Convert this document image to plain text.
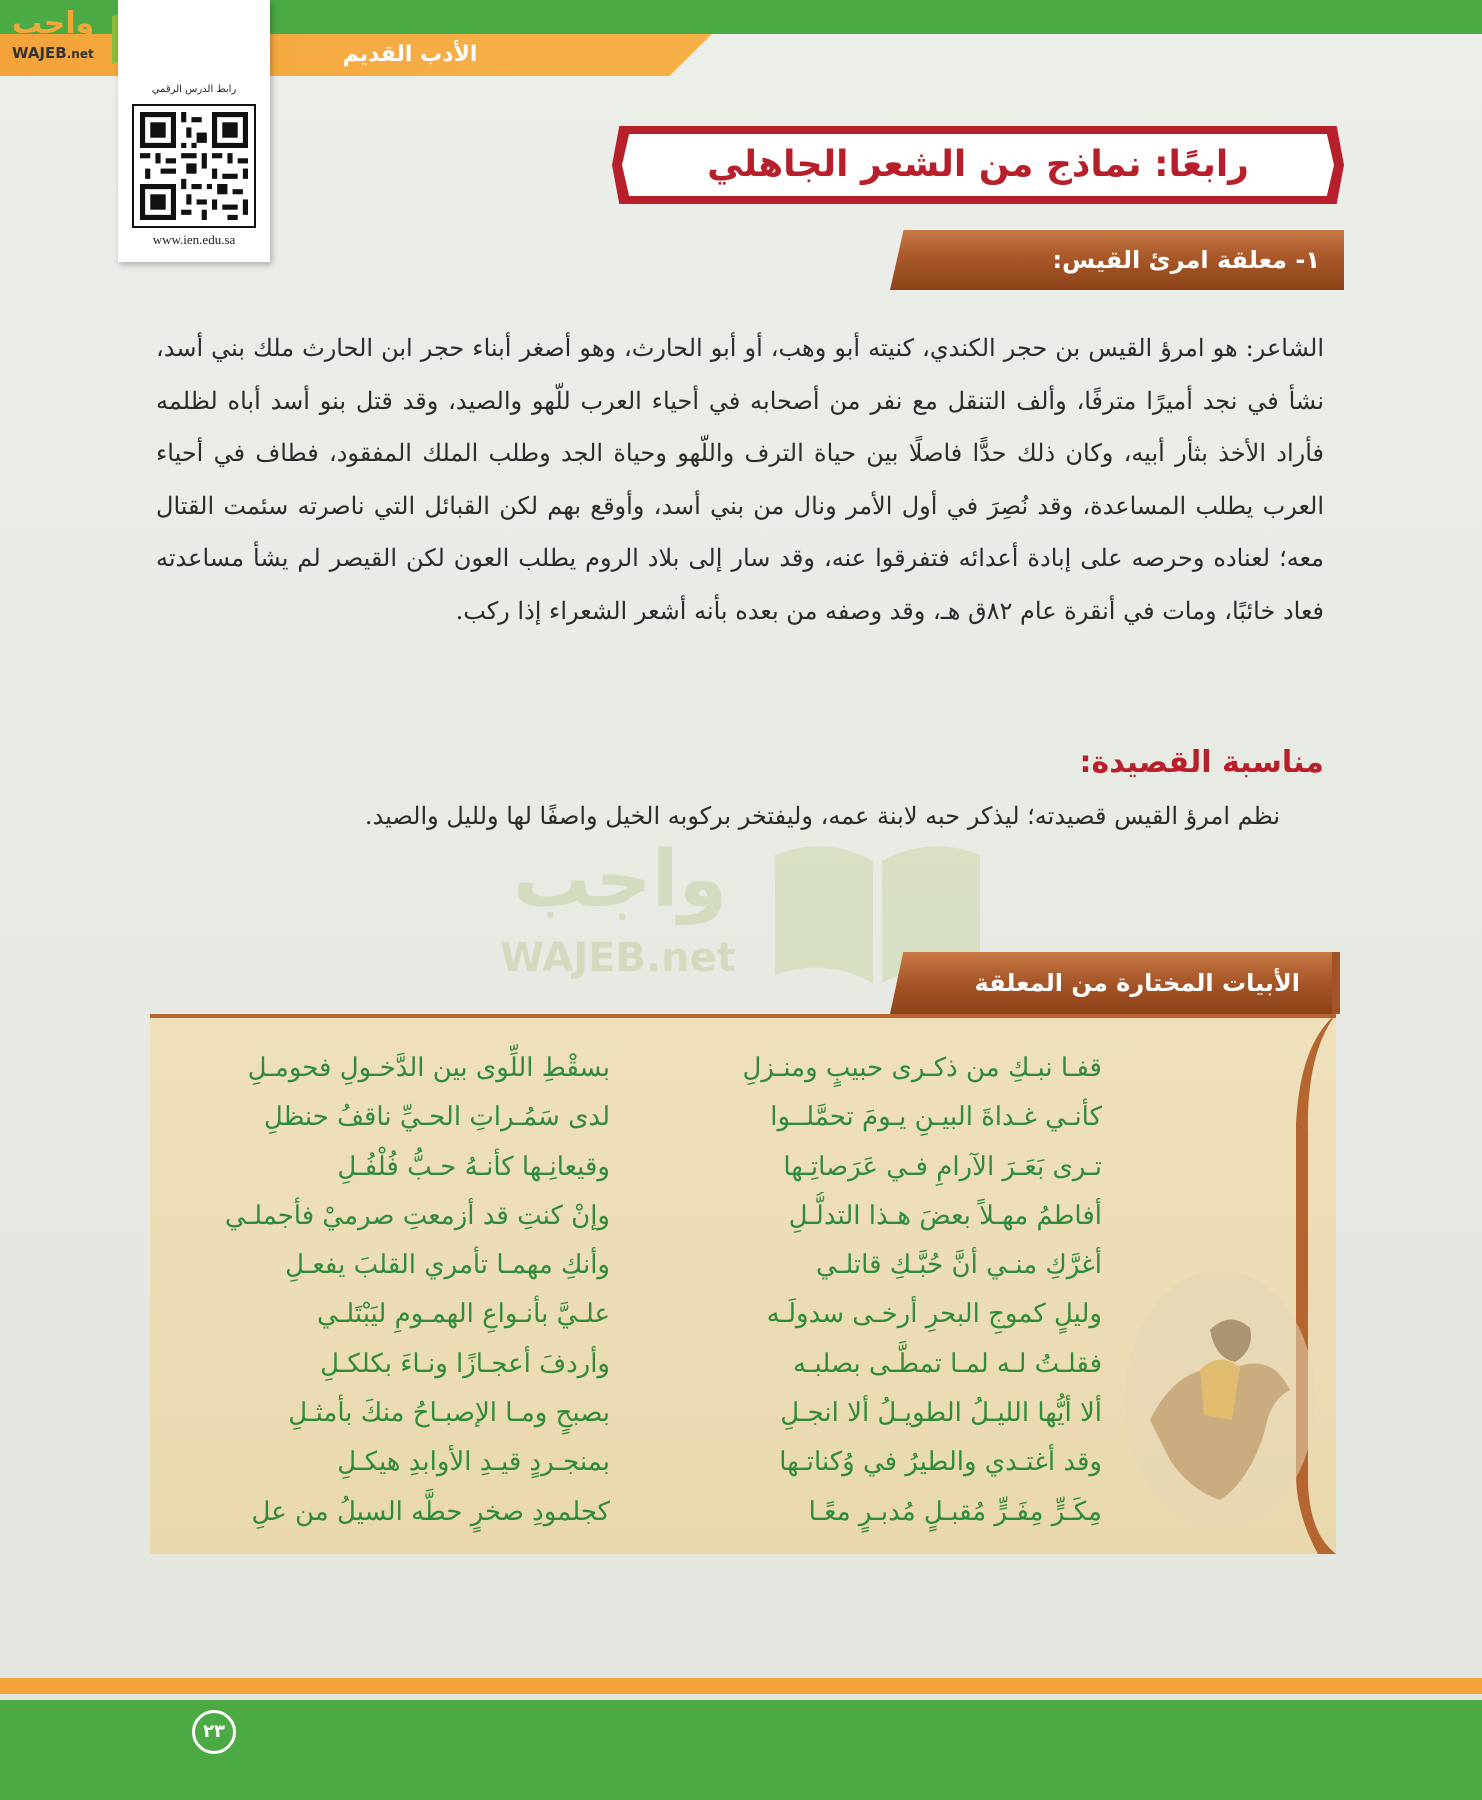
الأدب القديم
واجب
WAJEB.net
رابط الدرس الرقمي
www.ien.edu.sa
رابعًا: نماذج من الشعر الجاهلي
١- معلقة امرئ القيس:
الشاعر: هو امرؤ القيس بن حجر الكندي، كنيته أبو وهب، أو أبو الحارث، وهو أصغر أبناء حجر ابن الحارث ملك بني أسد، نشأ في نجد أميرًا مترفًا، وألف التنقل مع نفر من أصحابه في أحياء العرب للّهو والصيد، وقد قتل بنو أسد أباه لظلمه فأراد الأخذ بثأر أبيه، وكان ذلك حدًّا فاصلًا بين حياة الترف واللّهو وحياة الجد وطلب الملك المفقود، فطاف في أحياء العرب يطلب المساعدة، وقد نُصِرَ في أول الأمر ونال من بني أسد، وأوقع بهم لكن القبائل التي ناصرته سئمت القتال معه؛ لعناده وحرصه على إبادة أعدائه فتفرقوا عنه، وقد سار إلى بلاد الروم يطلب العون لكن القيصر لم يشأ مساعدته فعاد خائبًا، ومات في أنقرة عام ٨٢ق هـ، وقد وصفه من بعده بأنه أشعر الشعراء إذا ركب.
مناسبة القصيدة:
نظم امرؤ القيس قصيدته؛ ليذكر حبه لابنة عمه، وليفتخر بركوبه الخيل واصفًا لها ولليل والصيد.
واجب
WAJEB.net
الأبيات المختارة من المعلقة
قفـا نبـكِ من ذكـرى حبيبٍ ومنـزلِ
كأنـي غـداةَ البيـنِ يـومَ تحمَّلــوا
تـرى بَعَـرَ الآرامِ فـي عَرَصاتِـها
أفاطمُ مهـلاً بعضَ هـذا التدلُّـلِ
أغرَّكِ منـي أنَّ حُبَّـكِ قاتلـي
وليلٍ كموجِ البحرِ أرخـى سدولَـه
فقلـتُ لـه لمـا تمطَّـى بصلبـه
ألا أيُّها الليـلُ الطويـلُ ألا انجـلِ
وقد أغتـدي والطيرُ في وُكناتـها
مِكَـرٍّ مِفَـرٍّ مُقبـلٍ مُدبـرٍ معًـا
بسقْطِ اللِّوى بين الدَّخـولِ فحومـلِ
لدى سَمُـراتِ الحـيِّ ناقفُ حنظلِ
وقيعانِـها كأنـهُ حـبُّ فُلْفُـلِ
وإنْ كنتِ قد أزمعتِ صرميْ فأجملـي
وأنكِ مهمـا تأمري القلبَ يفعـلِ
علـيَّ بأنـواعِ الهمـومِ ليَبْتَلـي
وأردفَ أعجـازًا ونـاءَ بكلكـلِ
بصبحٍ ومـا الإصبـاحُ منكَ بأمثـلِ
بمنجـردٍ قيـدِ الأوابدِ هيكـلِ
كجلمودِ صخرٍ حطَّه السيلُ من علِ
٢٣
